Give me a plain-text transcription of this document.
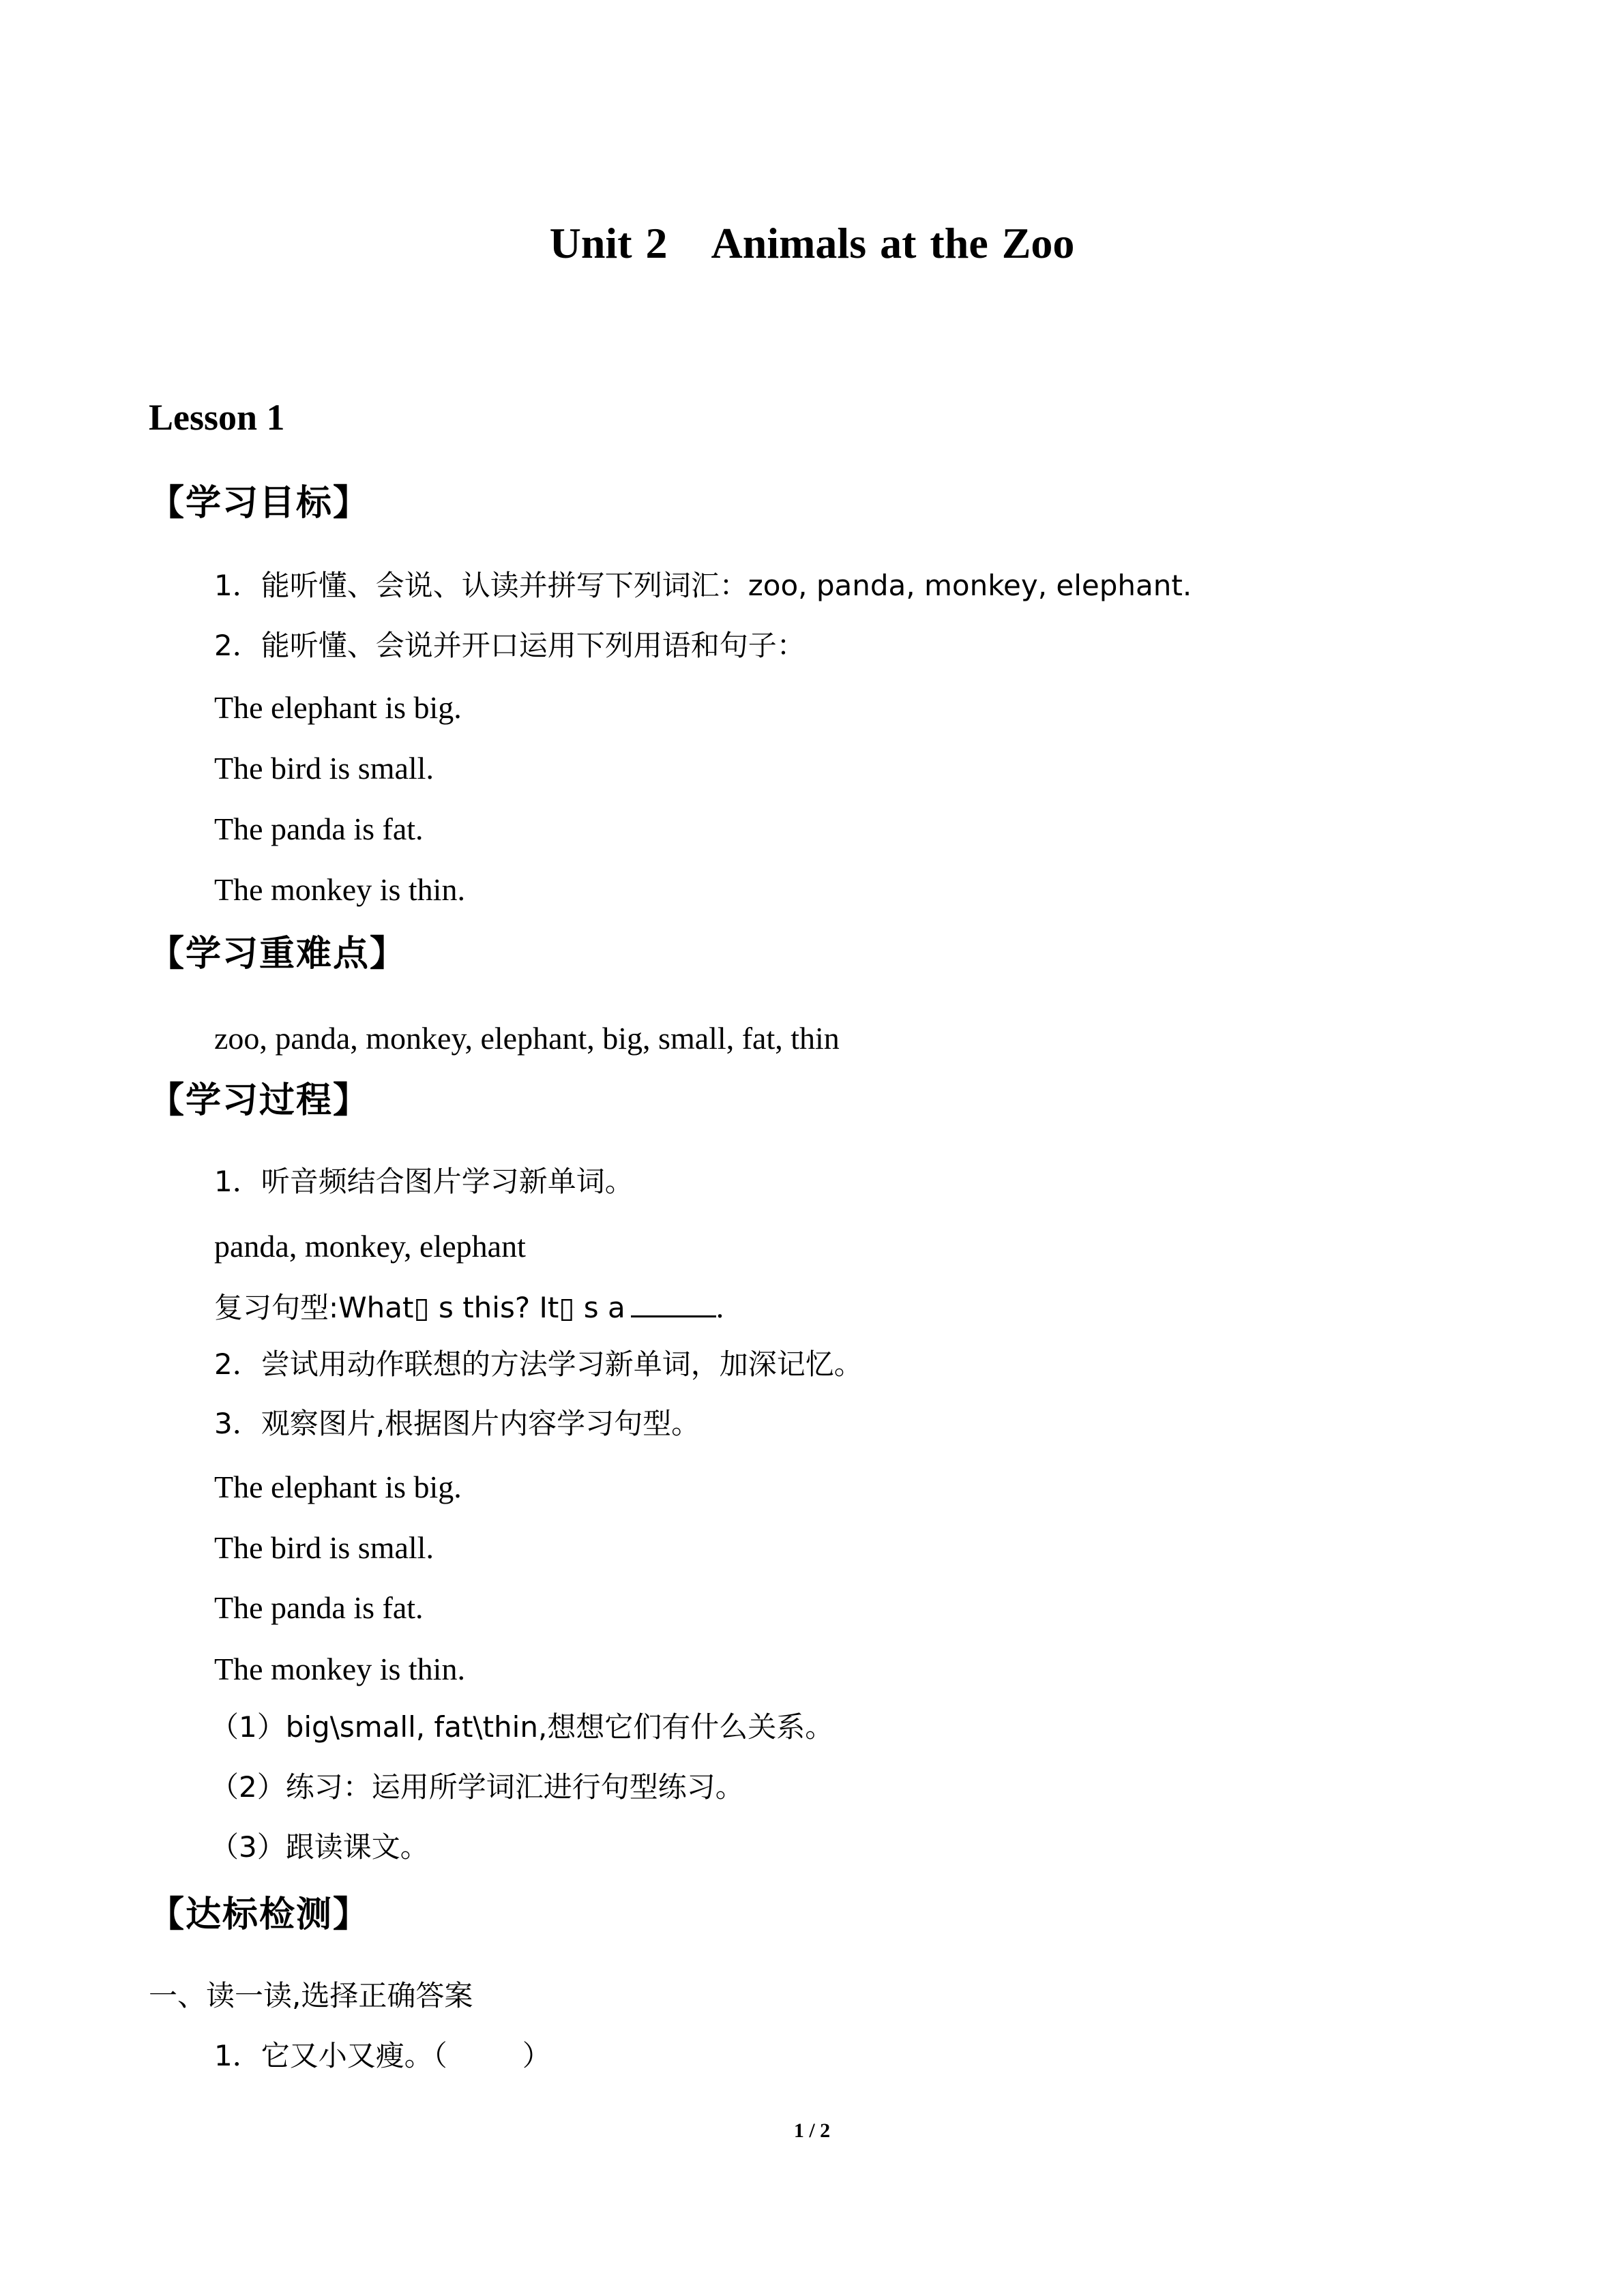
Unit 2 Animals at the Zoo
Lesson 1
【学习目标】
1．能听懂、会说、认读并拼写下列词汇：zoo, panda, monkey, elephant.
2．能听懂、会说并开口运用下列用语和句子：
The elephant is big.
The bird is small.
The panda is fat.
The monkey is thin.
【学习重难点】
zoo, panda, monkey, elephant, big, small, fat, thin
【学习过程】
1．听音频结合图片学习新单词。
panda, monkey, elephant
复习句型:What▯ s this? It▯ s a	.
2．尝试用动作联想的方法学习新单词，加深记忆。
3．观察图片,根据图片内容学习句型。
The elephant is big.
The bird is small.
The panda is fat.
The monkey is thin.
（1）big\small, fat\thin,想想它们有什么关系。
（2）练习：运用所学词汇进行句型练习。
（3）跟读课文。
【达标检测】
一、读一读,选择正确答案
1．它又小又瘦。（	）
1 / 2
